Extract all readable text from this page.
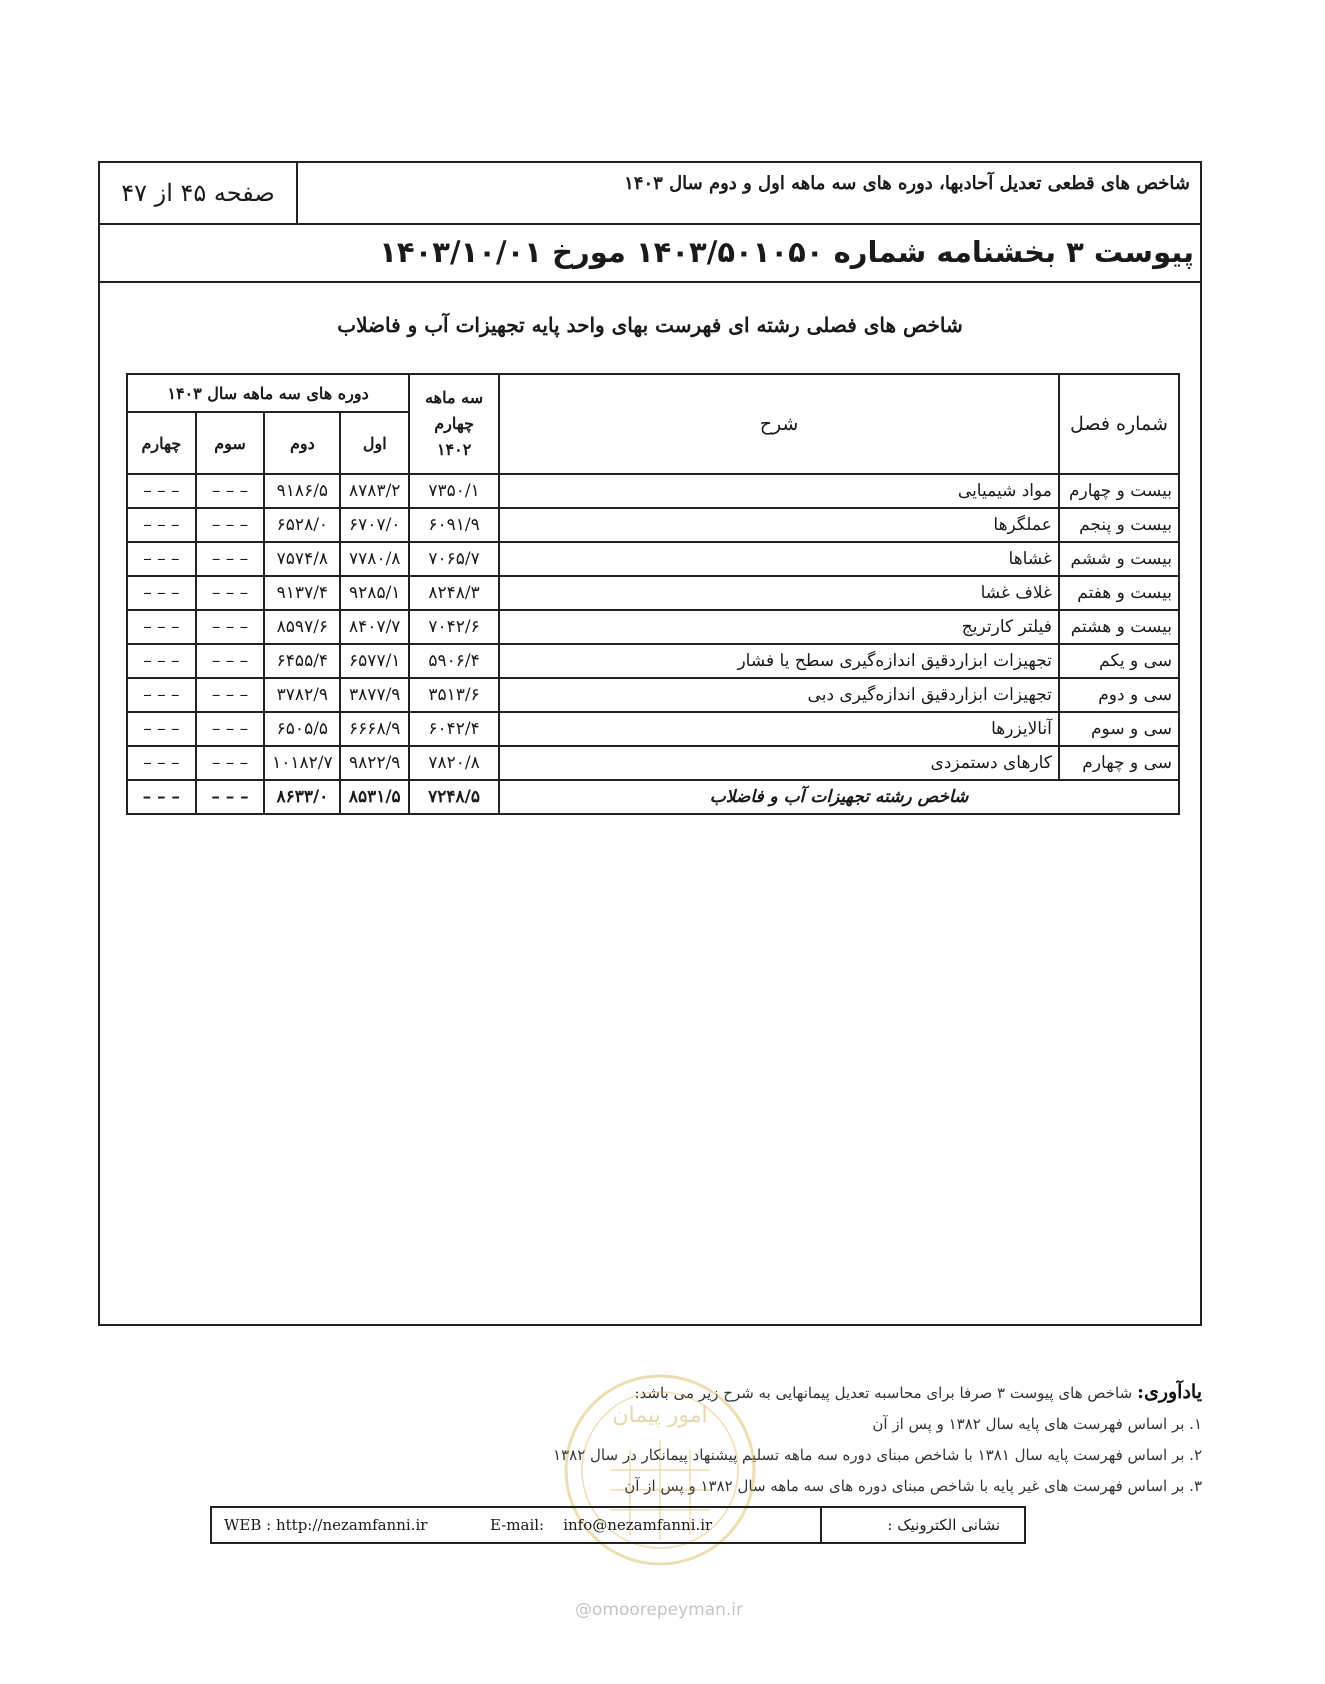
صفحه ۴۵ از ۴۷	شاخص های قطعی تعدیل آحادبها، دوره های سه ماهه اول و دوم سال ۱۴۰۳
پیوست ۳ بخشنامه شماره ۱۴۰۳/۵۰۱۰۵۰ مورخ ۱۴۰۳/۱۰/۰۱
شاخص های فصلی رشته ای فهرست بهای واحد پایه تجهیزات آب و فاضلاب
شماره فصل	شرح	سه ماهه چهارم ۱۴۰۲	دوره های سه ماهه سال ۱۴۰۳			
			اول	دوم	سوم	چهارم
بیست و چهارم	مواد شیمیایی	۷۳۵۰/۱	۸۷۸۳/۲	۹۱۸۶/۵	– – –	– – –
بیست و پنجم	عملگرها	۶۰۹۱/۹	۶۷۰۷/۰	۶۵۲۸/۰	– – –	– – –
بیست و ششم	غشاها	۷۰۶۵/۷	۷۷۸۰/۸	۷۵۷۴/۸	– – –	– – –
بیست و هفتم	غلاف غشا	۸۲۴۸/۳	۹۲۸۵/۱	۹۱۳۷/۴	– – –	– – –
بیست و هشتم	فیلتر کارتریج	۷۰۴۲/۶	۸۴۰۷/۷	۸۵۹۷/۶	– – –	– – –
سی و یکم	تجهیزات ابزاردقیق اندازه‌گیری سطح یا فشار	۵۹۰۶/۴	۶۵۷۷/۱	۶۴۵۵/۴	– – –	– – –
سی و دوم	تجهیزات ابزاردقیق اندازه‌گیری دبی	۳۵۱۳/۶	۳۸۷۷/۹	۳۷۸۲/۹	– – –	– – –
سی و سوم	آنالایزرها	۶۰۴۲/۴	۶۶۶۸/۹	۶۵۰۵/۵	– – –	– – –
سی و چهارم	کارهای دستمزدی	۷۸۲۰/۸	۹۸۲۲/۹	۱۰۱۸۲/۷	– – –	– – –
شاخص رشته تجهیزات آب و فاضلاب		۷۲۴۸/۵	۸۵۳۱/۵	۸۶۳۳/۰	– – –	– – –
یادآوری: شاخص های پیوست ۳ صرفا برای محاسبه تعدیل پیمانهایی به شرح زیر می باشد:
۱. بر اساس فهرست های پایه سال ۱۳۸۲ و پس از آن
۲. بر اساس فهرست پایه سال ۱۳۸۱ با شاخص مبنای دوره سه ماهه تسلیم پیشنهاد پیمانکار در سال ۱۳۸۲
۳. بر اساس فهرست های غیر پایه با شاخص مبنای دوره های سه ماهه سال ۱۳۸۲ و پس از آن
امور پیمان
WEB : http://nezamfanni.ir	E-mail: info@nezamfanni.ir	نشانی الکترونیک :
@omoorepeyman.ir
